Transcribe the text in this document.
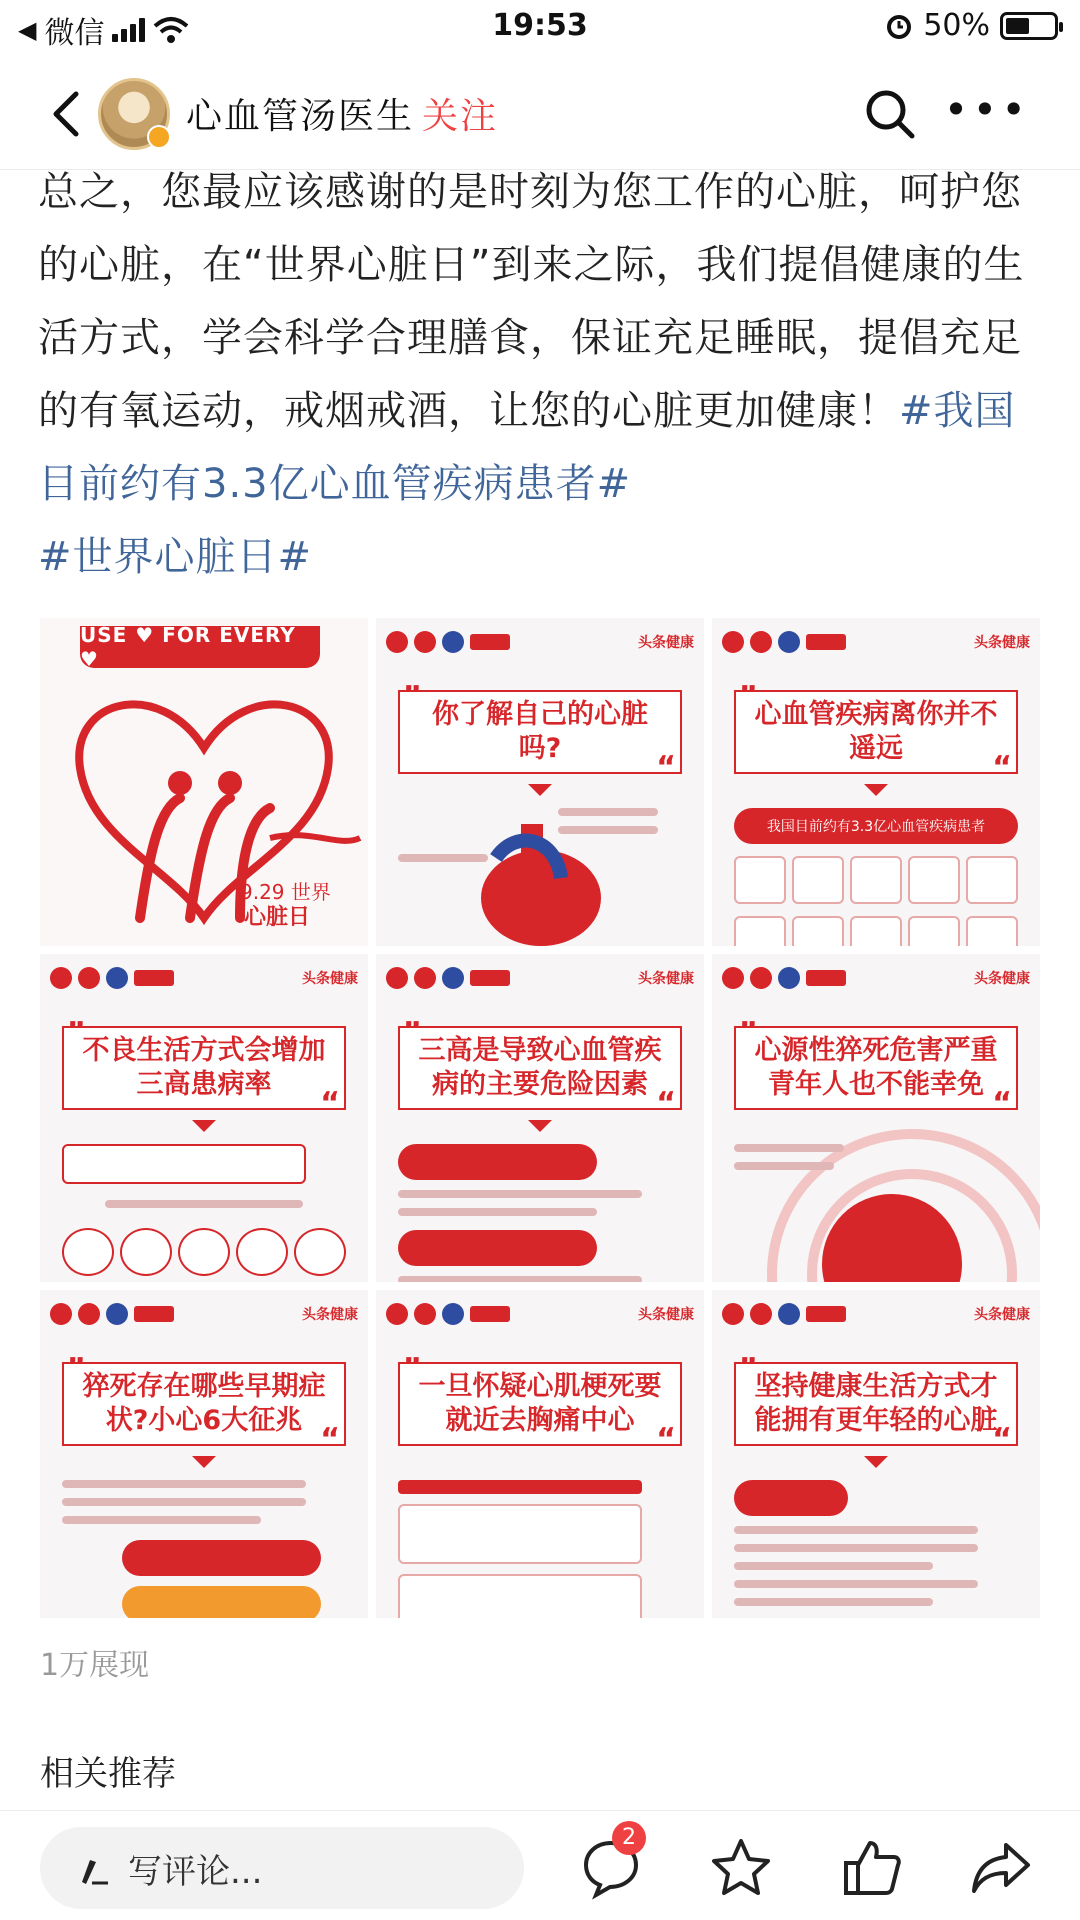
◀ 微信	19:53	50%
心血管汤医生 关注	•••
总之，您最应该感谢的是时刻为您工作的心脏，呵护您的心脏，在“世界心脏日”到来之际，我们提倡健康的生活方式，学会科学合理膳食，保证充足睡眠，提倡充足的有氧运动，戒烟戒酒，让您的心脏更加健康！#我国目前约有3.3亿心血管疾病患者#
#世界心脏日#
USE ♥ FOR EVERY ♥
9.29 世界
心脏日
头条健康
你了解自己的心脏吗?
“
头条健康
心血管疾病离你并不遥远
“
我国目前约有3.3亿心血管疾病患者
头条健康
不良生活方式会增加三高患病率
“
头条健康
三高是导致心血管疾病的主要危险因素
“
头条健康
心源性猝死危害严重青年人也不能幸免
“
头条健康
猝死存在哪些早期症状?小心6大征兆
“
头条健康
一旦怀疑心肌梗死要就近去胸痛中心
“
头条健康
坚持健康生活方式才能拥有更年轻的心脏
“
1万展现
相关推荐
写评论...
2
